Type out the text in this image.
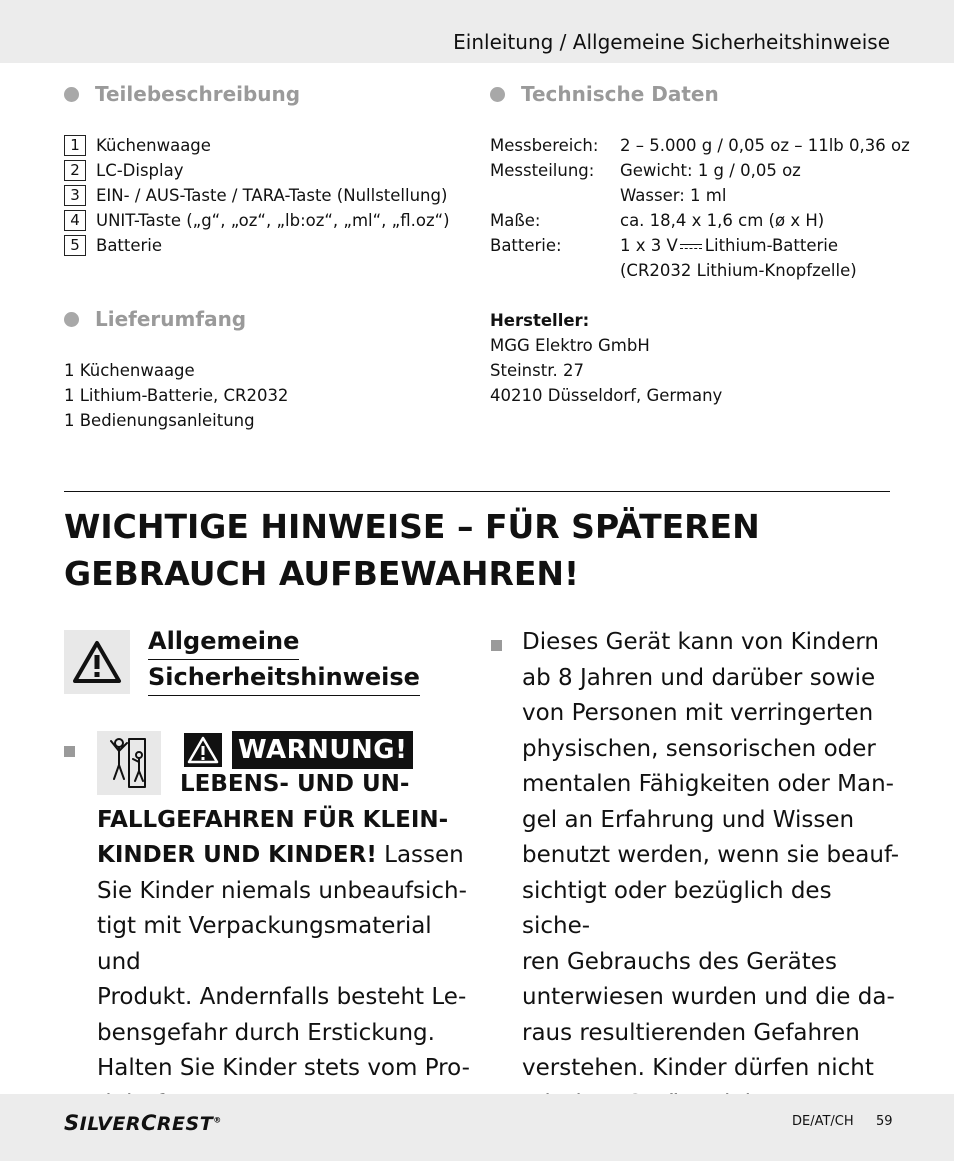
Einleitung / Allgemeine Sicherheitshinweise
Teilebeschreibung
1 Küchenwaage
2 LC-Display
3 EIN- / AUS-Taste / TARA-Taste (Nullstellung)
4 UNIT-Taste („g“, „oz“, „lb:oz“, „ml“, „fl.oz“)
5 Batterie
Lieferumfang
1 Küchenwaage
1 Lithium-Batterie, CR2032
1 Bedienungsanleitung
Technische Daten
Messbereich:	2 – 5.000 g / 0,05 oz – 11lb 0,36 oz
Messteilung:	Gewicht: 1 g / 0,05 oz
Wasser: 1 ml
Maße:	ca. 18,4 x 1,6 cm (ø x H)
Batterie:	1 x 3 V Lithium-Batterie
(CR2032 Lithium-Knopfzelle)
Hersteller:
MGG Elektro GmbH
Steinstr. 27
40210 Düsseldorf, Germany
WICHTIGE HINWEISE – FÜR SPÄTEREN
GEBRAUCH AUFBEWAHREN!
Allgemeine
Sicherheitshinweise
WARNUNG!
LEBENS- UND UN-
FALLGEFAHREN FÜR KLEIN-
KINDER UND KINDER! Lassen
Sie Kinder niemals unbeaufsich-
tigt mit Verpackungsmaterial und
Produkt. Andernfalls besteht Le-
bensgefahr durch Erstickung.
Halten Sie Kinder stets vom Pro-
Dieses Gerät kann von Kindern
ab 8 Jahren und darüber sowie
von Personen mit verringerten
physischen, sensorischen oder
mentalen Fähigkeiten oder Man-
gel an Erfahrung und Wissen
benutzt werden, wenn sie beauf-
sichtigt oder bezüglich des siche-
ren Gebrauchs des Gerätes
unterwiesen wurden und die da-
raus resultierenden Gefahren
verstehen. Kinder dürfen nicht
SILVERCREST®	DE/AT/CH 59
